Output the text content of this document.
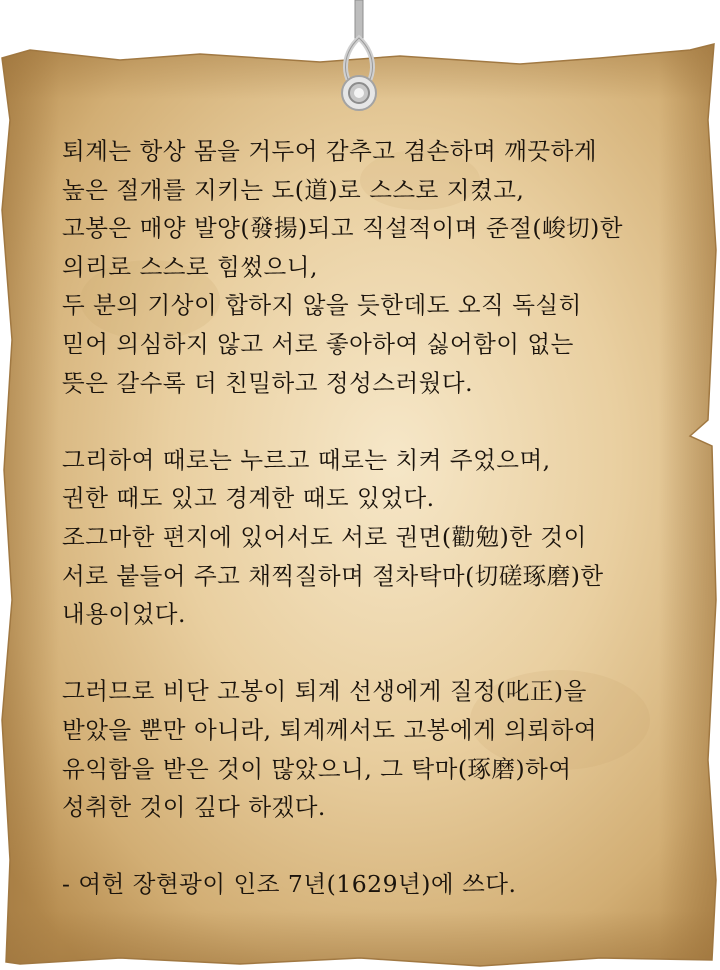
퇴계는 항상 몸을 거두어 감추고 겸손하며 깨끗하게
높은 절개를 지키는 도(道)로 스스로 지켰고,
고봉은 매양 발양(發揚)되고 직설적이며 준절(峻切)한
의리로 스스로 힘썼으니,
두 분의 기상이 합하지 않을 듯한데도 오직 독실히
믿어 의심하지 않고 서로 좋아하여 싫어함이 없는
뜻은 갈수록 더 친밀하고 정성스러웠다.
그리하여 때로는 누르고 때로는 치켜 주었으며,
권한 때도 있고 경계한 때도 있었다.
조그마한 편지에 있어서도 서로 권면(勸勉)한 것이
서로 붙들어 주고 채찍질하며 절차탁마(切磋琢磨)한
내용이었다.
그러므로 비단 고봉이 퇴계 선생에게 질정(叱正)을
받았을 뿐만 아니라, 퇴계께서도 고봉에게 의뢰하여
유익함을 받은 것이 많았으니, 그 탁마(琢磨)하여
성취한 것이 깊다 하겠다.
- 여헌 장현광이 인조 7년(1629년)에 쓰다.
